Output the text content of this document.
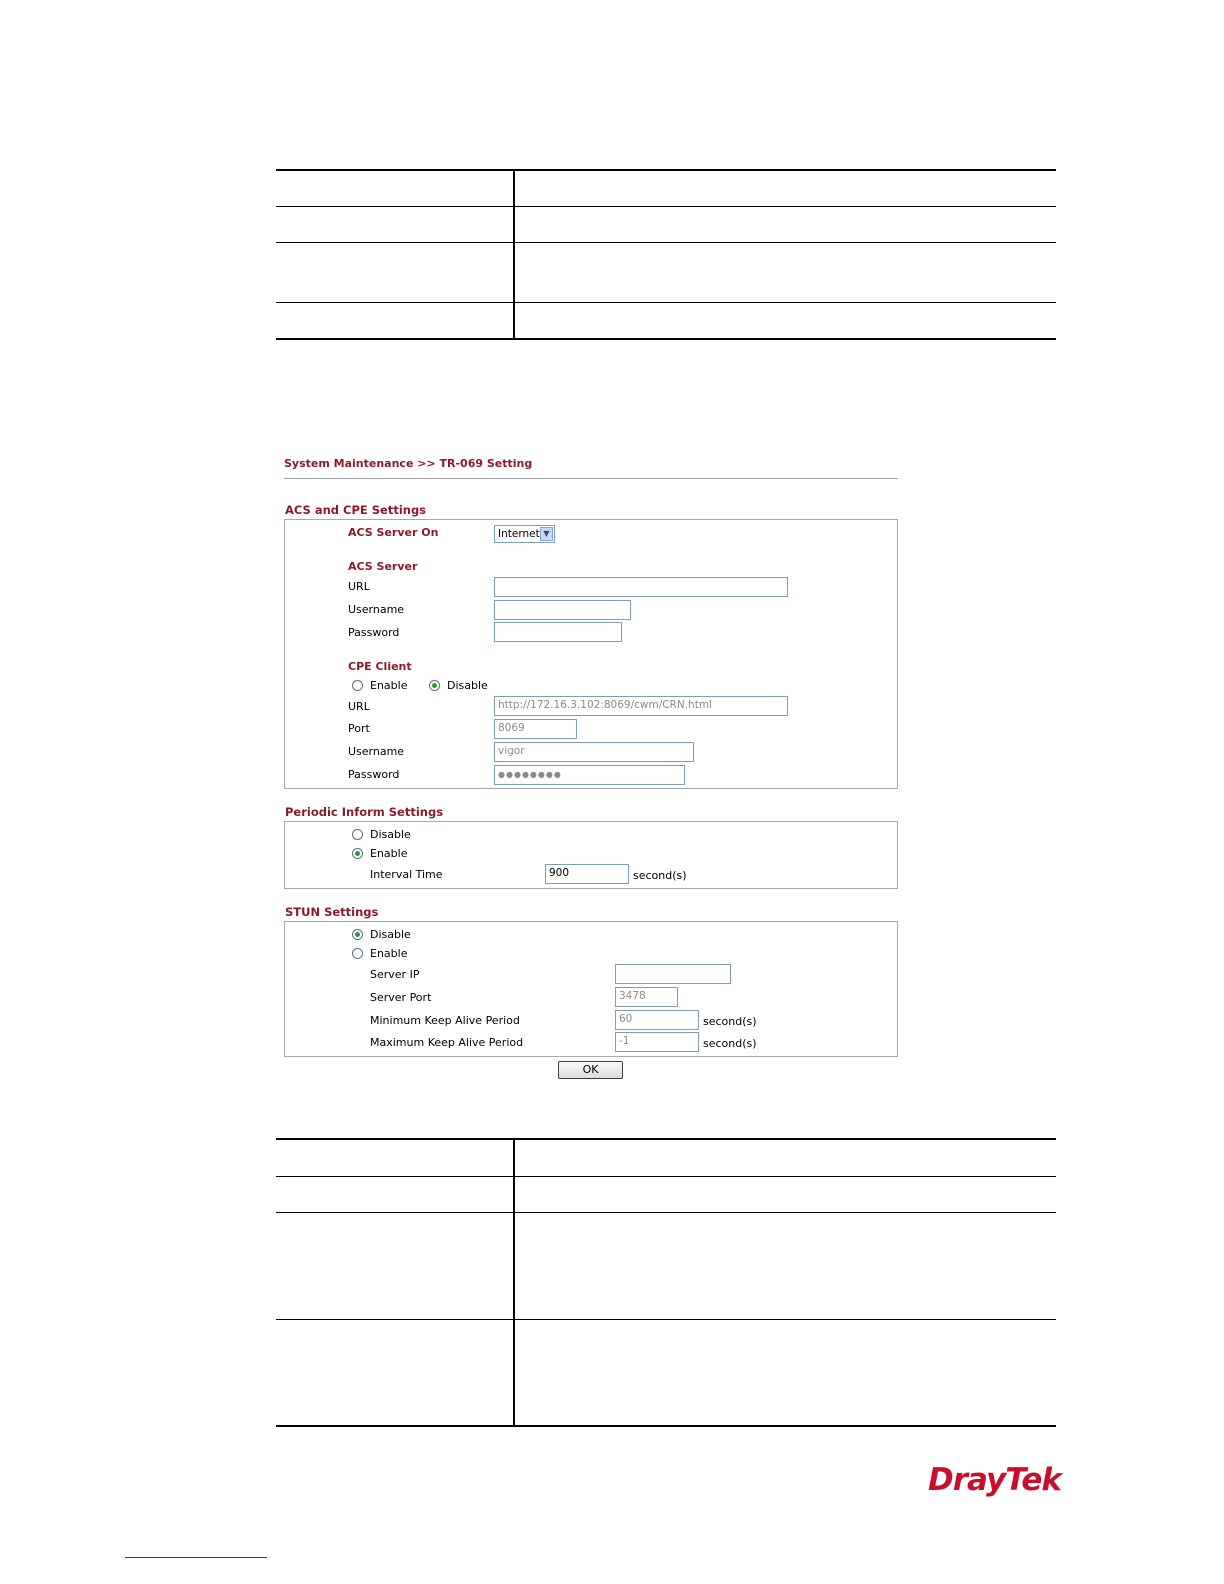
System Maintenance >> TR-069 Setting
ACS and CPE Settings
ACS Server On	Internet ▼
ACS Server
URL
Username
Password
CPE Client
Enable	Disable
URL	http://172.16.3.102:8069/cwm/CRN.html
Port	8069
Username	vigor
Password	●●●●●●●●
Periodic Inform Settings
Disable
Enable
Interval Time	900	second(s)
STUN Settings
Disable
Enable
Server IP
Server Port	3478
Minimum Keep Alive Period	60	second(s)
Maximum Keep Alive Period	-1	second(s)
OK
DrayTek
